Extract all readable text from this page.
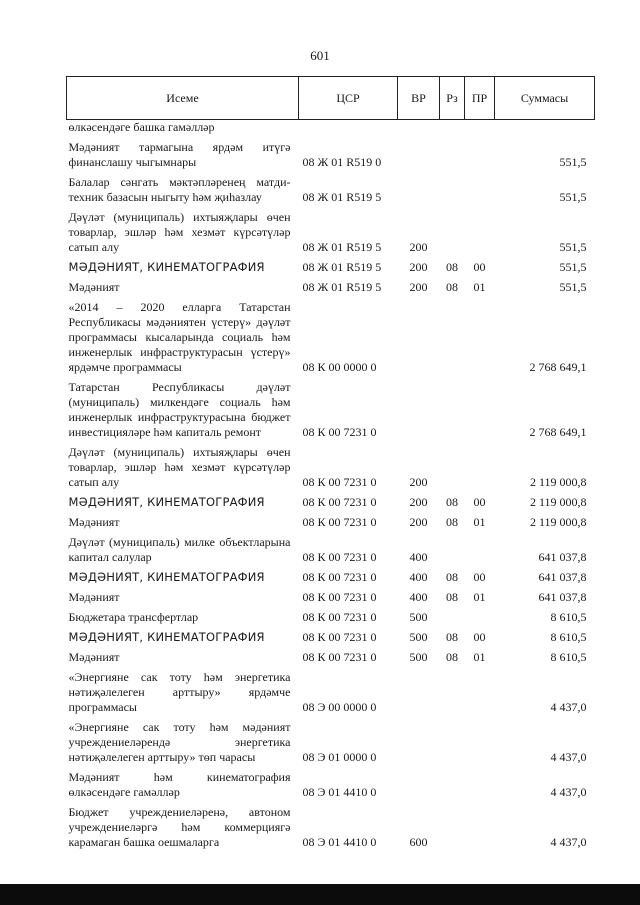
601
Исеме	ЦСР	ВР	Рз	ПР	Суммасы
өлкәсендәге башка гамәлләр					
Мәдәният тармагына ярдәм итүгә финанслашу чыгымнары	08 Ж 01 R519 0				551,5
Балалар сәнгать мәктәпләренең матди-техник базасын ныгыту һәм җиһазлау	08 Ж 01 R519 5				551,5
Дәүләт (муниципаль) ихтыяҗлары өчен товарлар, эшләр һәм хезмәт күрсәтүләр сатып алу	08 Ж 01 R519 5	200			551,5
МӘДӘНИЯТ, КИНЕМАТОГРАФИЯ	08 Ж 01 R519 5	200	08	00	551,5
Мәдәният	08 Ж 01 R519 5	200	08	01	551,5
«2014 – 2020 елларга Татарстан Республикасы мәдәниятен үстерү» дәүләт программасы кысаларында социаль һәм инженерлык инфраструктурасын үстерү» ярдәмче программасы	08 К 00 0000 0				2 768 649,1
Татарстан Республикасы дәүләт (муниципаль) милкендәге социаль һәм инженерлык инфраструктурасына бюджет инвестицияләре һәм капиталь ремонт	08 К 00 7231 0				2 768 649,1
Дәүләт (муниципаль) ихтыяҗлары өчен товарлар, эшләр һәм хезмәт күрсәтүләр сатып алу	08 К 00 7231 0	200			2 119 000,8
МӘДӘНИЯТ, КИНЕМАТОГРАФИЯ	08 К 00 7231 0	200	08	00	2 119 000,8
Мәдәният	08 К 00 7231 0	200	08	01	2 119 000,8
Дәүләт (муниципаль) милке объектларына капитал салулар	08 К 00 7231 0	400			641 037,8
МӘДӘНИЯТ, КИНЕМАТОГРАФИЯ	08 К 00 7231 0	400	08	00	641 037,8
Мәдәният	08 К 00 7231 0	400	08	01	641 037,8
Бюджетара трансфертлар	08 К 00 7231 0	500			8 610,5
МӘДӘНИЯТ, КИНЕМАТОГРАФИЯ	08 К 00 7231 0	500	08	00	8 610,5
Мәдәният	08 К 00 7231 0	500	08	01	8 610,5
«Энергияне сак тоту һәм энергетика нәтиҗәлелеген арттыру» ярдәмче программасы	08 Э 00 0000 0				4 437,0
«Энергияне сак тоту һәм мәдәният учреждениеләрендә энергетика нәтиҗәлелеген арттыру» төп чарасы	08 Э 01 0000 0				4 437,0
Мәдәният һәм кинематография өлкәсендәге гамәлләр	08 Э 01 4410 0				4 437,0
Бюджет учреждениеләренә, автоном учреждениеләргә һәм коммерциягә карамаган башка оешмаларга	08 Э 01 4410 0	600			4 437,0
